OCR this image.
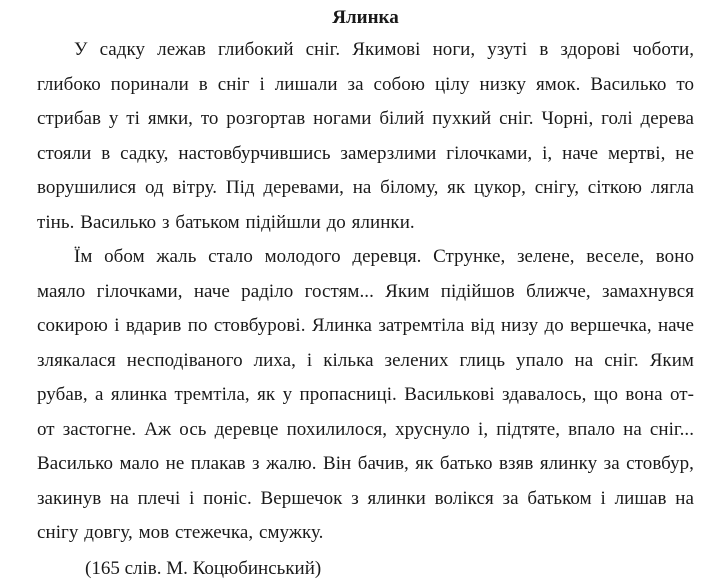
Ялинка

У садку лежав глибокий сніг. Якимові ноги, узуті в здорові чоботи, глибоко поринали в сніг і лишали за собою цілу низку ямок. Василько то стрибав у ті ямки, то розгортав ногами білий пухкий сніг. Чорні, голі дерева стояли в садку, настовбурчившись замерзлими гілочками, і, наче мертві, не ворушилися од вітру. Під деревами, на білому, як цукор, снігу, сіткою лягла тінь. Василько з батьком підійшли до ялинки.

Їм обом жаль стало молодого деревця. Струнке, зелене, веселе, воно маяло гілочками, наче раділо гостям... Яким підійшов ближче, замахнувся сокирою і вдарив по стовбурові. Ялинка затремтіла від низу до вершечка, наче злякалася несподіваного лиха, і кілька зелених глиць упало на сніг. Яким рубав, а ялинка тремтіла, як у пропасниці. Василькові здавалось, що вона от-от застогне. Аж ось деревце похилилося, хруснуло і, підтяте, впало на сніг... Василько мало не плакав з жалю. Він бачив, як батько взяв ялинку за стовбур, закинув на плечі і поніс. Вершечок з ялинки волікся за батьком і лишав на снігу довгу, мов стежечка, смужку.

(165 слів. М. Коцюбинський)
